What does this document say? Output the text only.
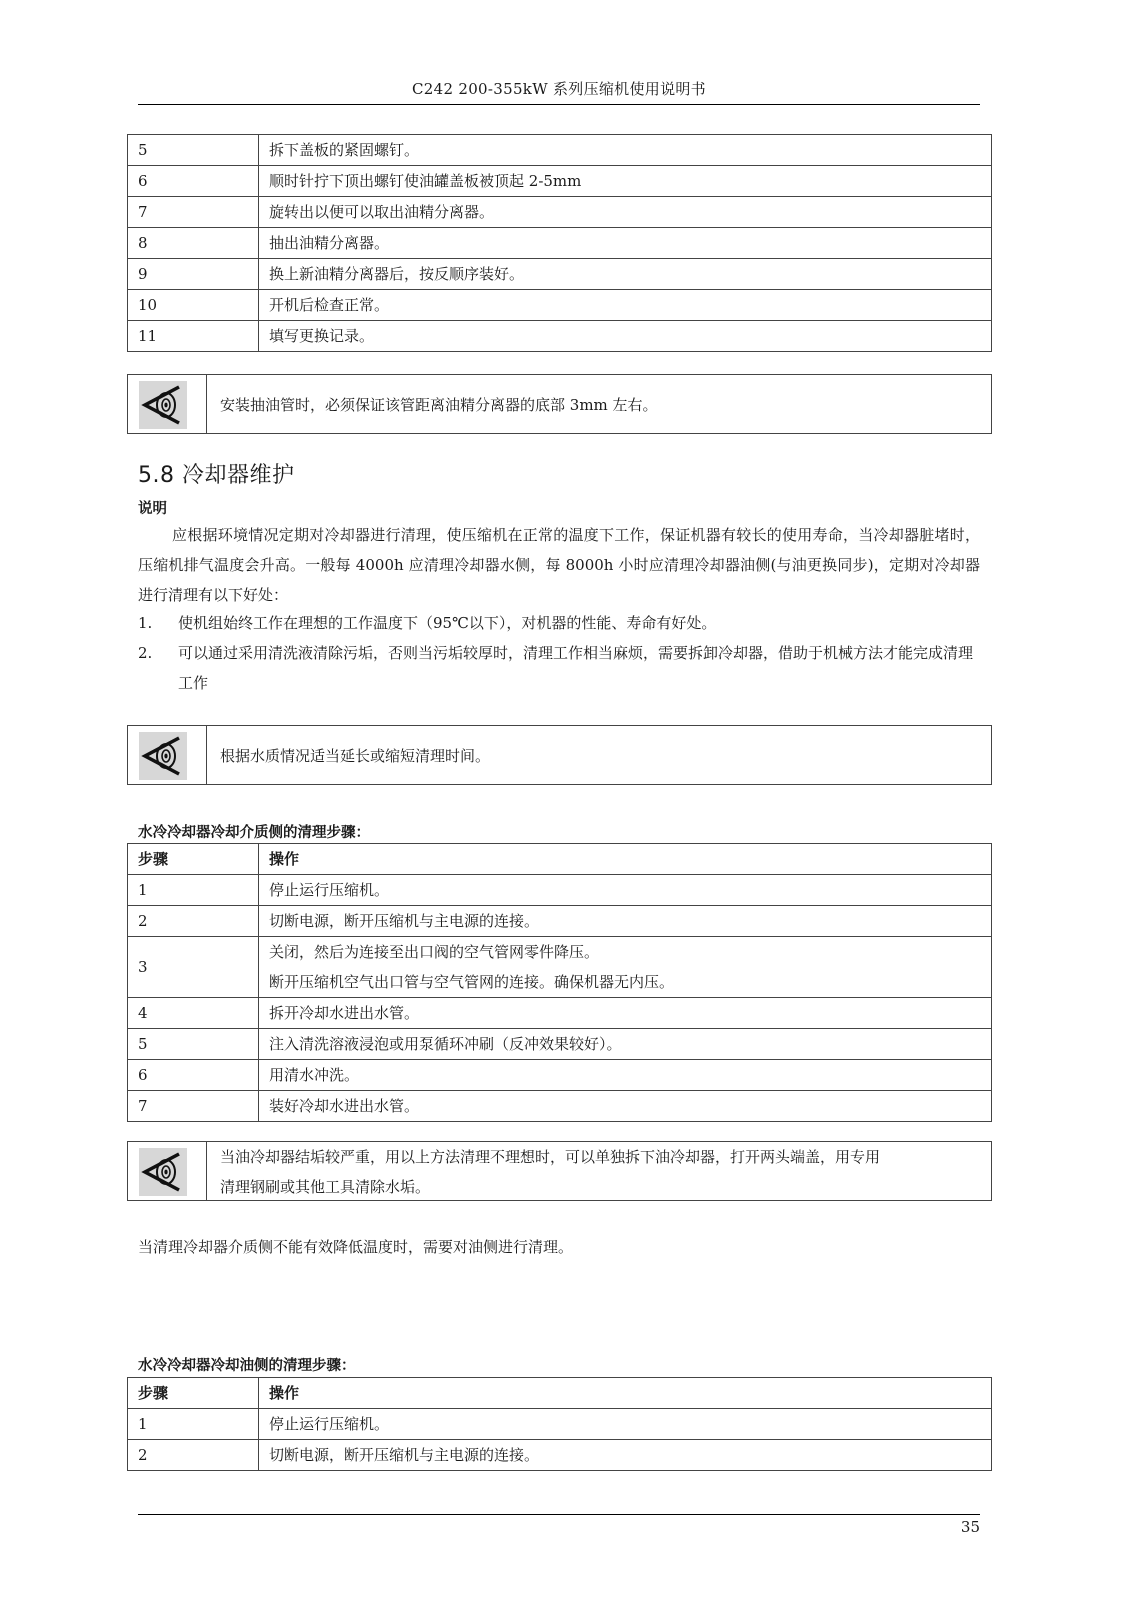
C242 200-355kW 系列压缩机使用说明书
5	拆下盖板的紧固螺钉。
6	顺时针拧下顶出螺钉使油罐盖板被顶起 2-5mm
7	旋转出以便可以取出油精分离器。
8	抽出油精分离器。
9	换上新油精分离器后，按反顺序装好。
10	开机后检查正常。
11	填写更换记录。
安装抽油管时，必须保证该管距离油精分离器的底部 3mm 左右。
5.8 冷却器维护
说明
应根据环境情况定期对冷却器进行清理，使压缩机在正常的温度下工作，保证机器有较长的使用寿命，当冷却器脏堵时，压缩机排气温度会升高。一般每 4000h 应清理冷却器水侧，每 8000h 小时应清理冷却器油侧(与油更换同步)，定期对冷却器进行清理有以下好处：
1. 使机组始终工作在理想的工作温度下（95℃以下），对机器的性能、寿命有好处。
2. 可以通过采用清洗液清除污垢，否则当污垢较厚时，清理工作相当麻烦，需要拆卸冷却器，借助于机械方法才能完成清理工作
根据水质情况适当延长或缩短清理时间。
水冷冷却器冷却介质侧的清理步骤：
步骤	操作
1	停止运行压缩机。
2	切断电源，断开压缩机与主电源的连接。
3	关闭，然后为连接至出口阀的空气管网零件降压。
断开压缩机空气出口管与空气管网的连接。确保机器无内压。

4	拆开冷却水进出水管。
5	注入清洗溶液浸泡或用泵循环冲刷（反冲效果较好）。
6	用清水冲洗。
7	装好冷却水进出水管。
当油冷却器结垢较严重，用以上方法清理不理想时，可以单独拆下油冷却器，打开两头端盖，用专用
清理钢刷或其他工具清除水垢。
当清理冷却器介质侧不能有效降低温度时，需要对油侧进行清理。
水冷冷却器冷却油侧的清理步骤：
步骤	操作
1	停止运行压缩机。
2	切断电源，断开压缩机与主电源的连接。
35
